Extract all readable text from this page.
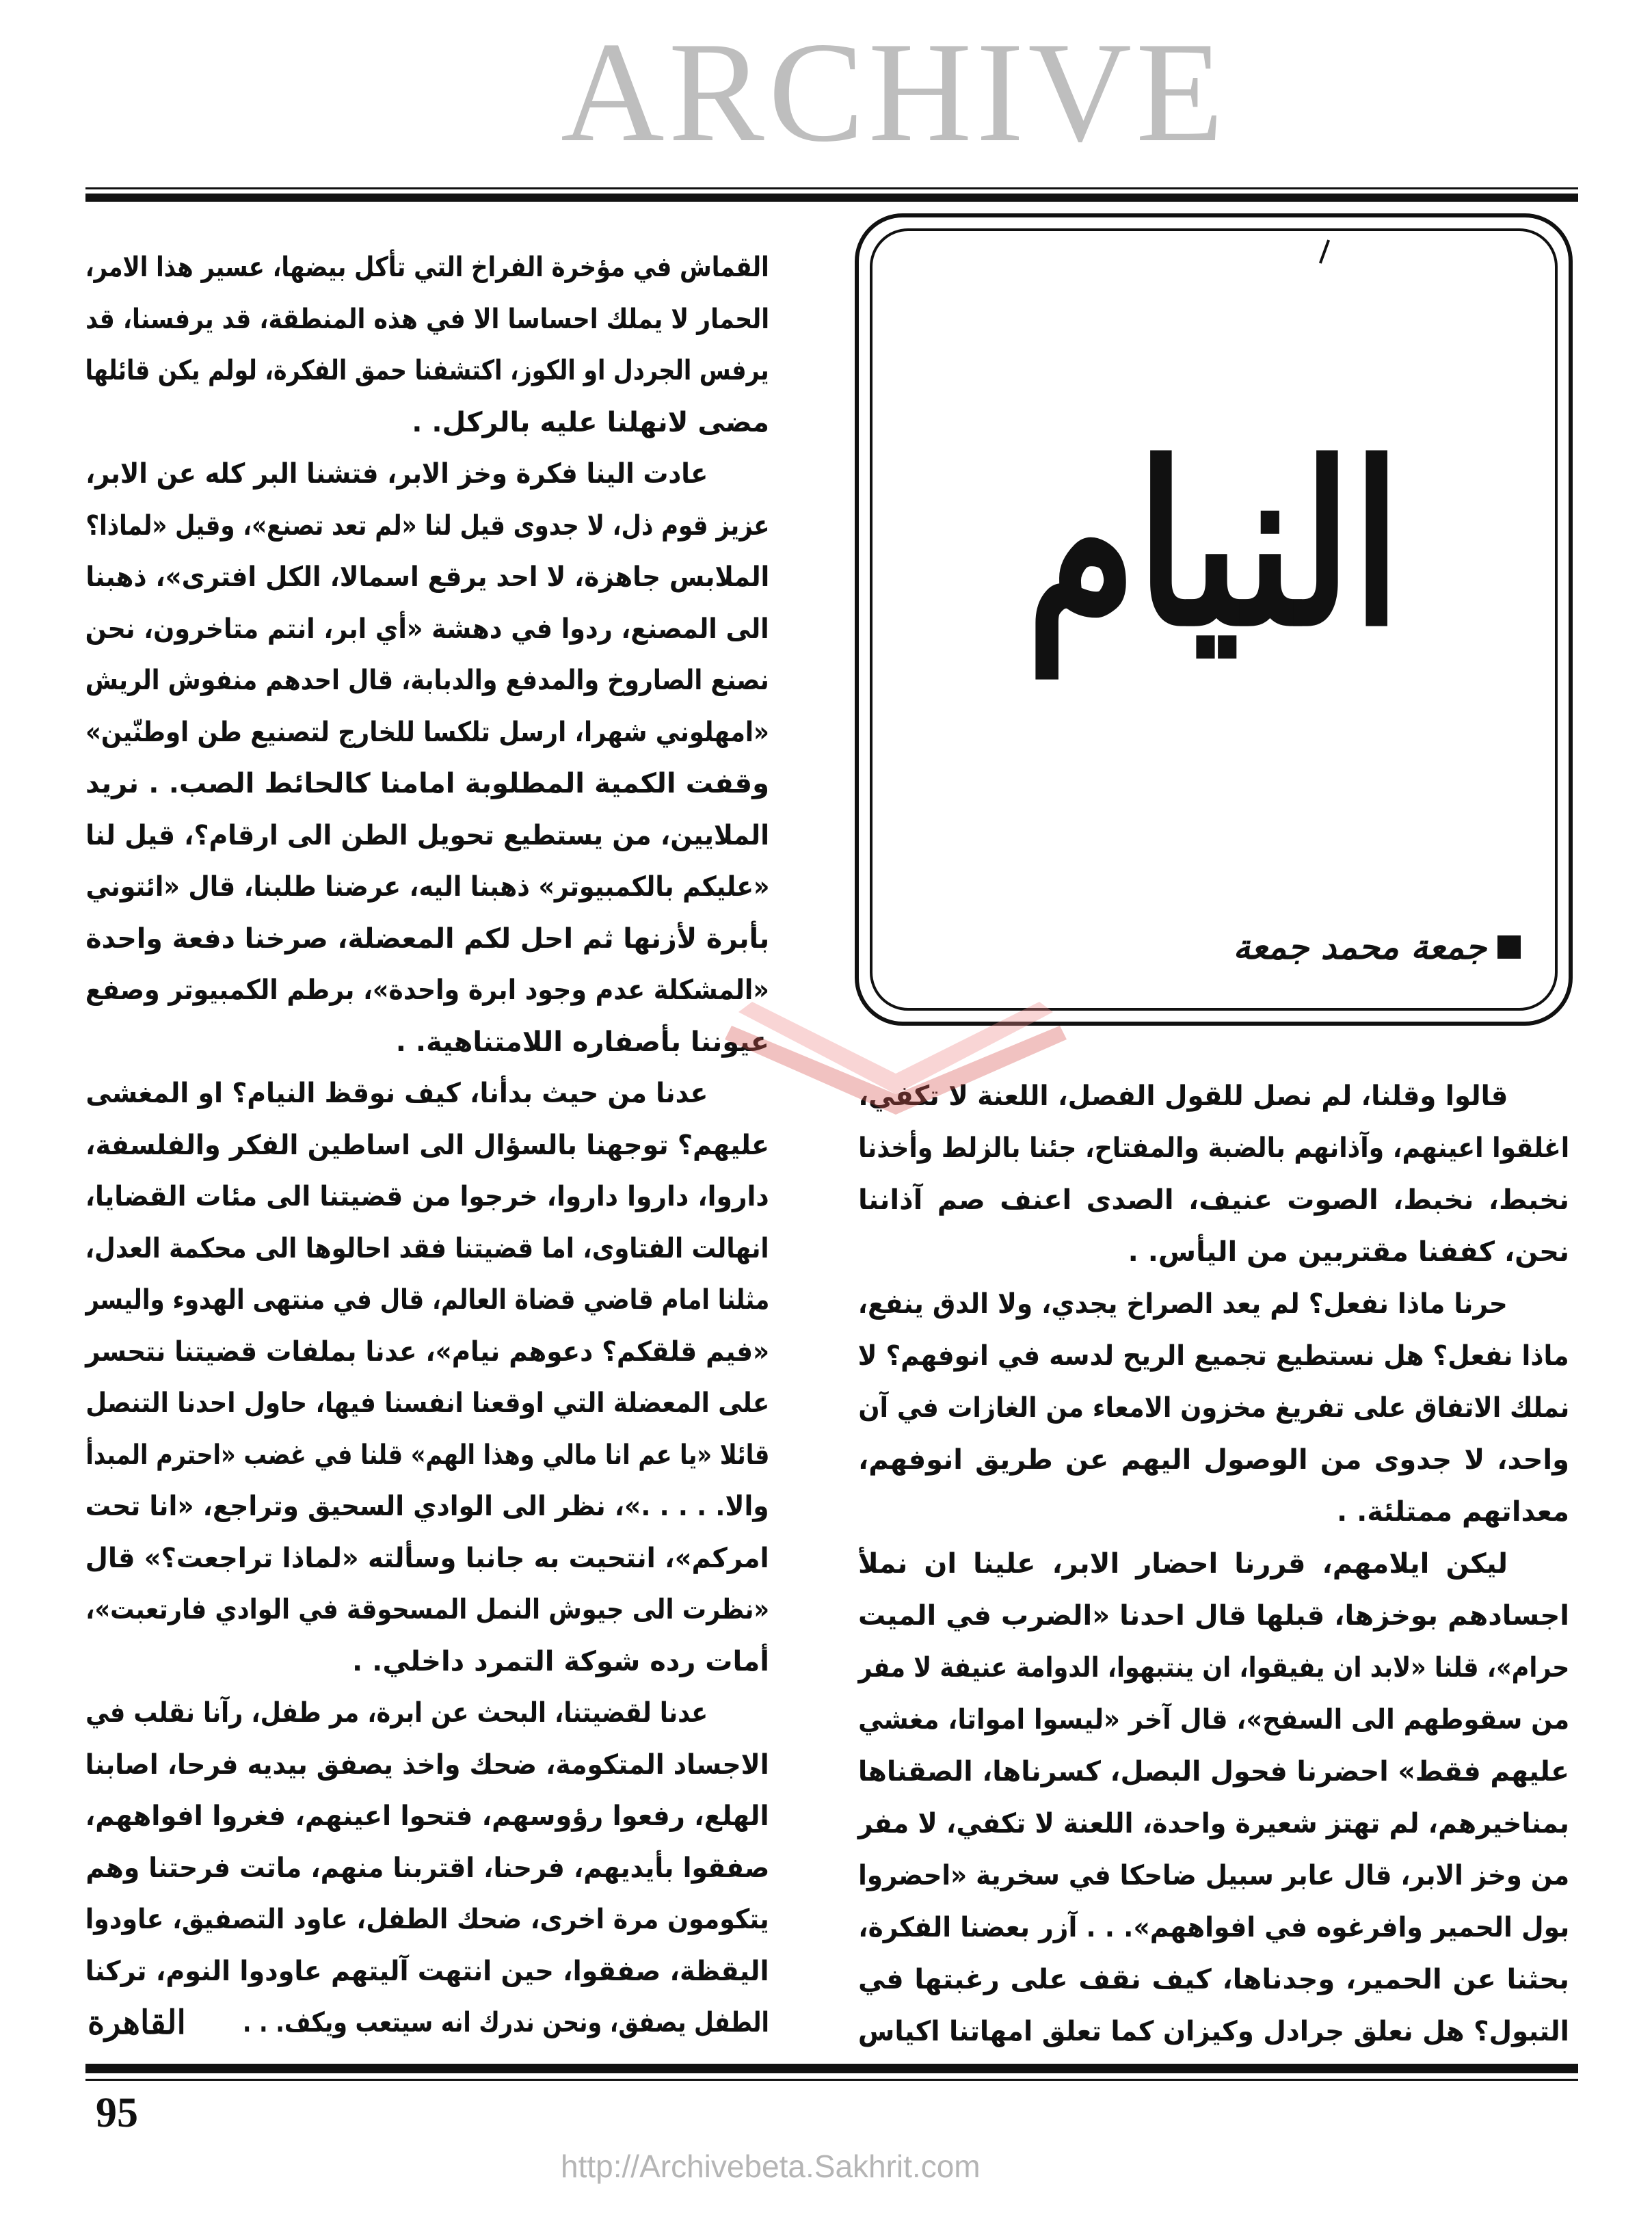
النيام
جمعة محمد جمعة
القماش في مؤخرة الفراخ التي تأكل بيضها، عسير هذا الامر،
الحمار لا يملك احساسا الا في هذه المنطقة، قد يرفسنا، قد
يرفس الجردل او الكوز، اكتشفنا حمق الفكرة، لولم يكن قائلها
مضى لانهلنا عليه بالركل. .
عادت الينا فكرة وخز الابر، فتشنا البر كله عن الابر،
عزيز قوم ذل، لا جدوى قيل لنا «لم تعد تصنع»، وقيل «لماذا؟
الملابس جاهزة، لا احد يرقع اسمالا، الكل افترى»، ذهبنا
الى المصنع، ردوا في دهشة «أي ابر، انتم متاخرون، نحن
نصنع الصاروخ والمدفع والدبابة، قال احدهم منفوش الريش
«امهلوني شهرا، ارسل تلكسا للخارج لتصنيع طن اوطنّين»
وقفت الكمية المطلوبة امامنا كالحائط الصب. . نريد
الملايين، من يستطيع تحويل الطن الى ارقام؟، قيل لنا
«عليكم بالكمبيوتر» ذهبنا اليه، عرضنا طلبنا، قال «ائتوني
بأبرة لأزنها ثم احل لكم المعضلة، صرخنا دفعة واحدة
«المشكلة عدم وجود ابرة واحدة»، برطم الكمبيوتر وصفع
عيوننا بأصفاره اللامتناهية. .
عدنا من حيث بدأنا، كيف نوقظ النيام؟ او المغشى
عليهم؟ توجهنا بالسؤال الى اساطين الفكر والفلسفة،
داروا، داروا داروا، خرجوا من قضيتنا الى مئات القضايا،
انهالت الفتاوى، اما قضيتنا فقد احالوها الى محكمة العدل،
مثلنا امام قاضي قضاة العالم، قال في منتهى الهدوء واليسر
«فيم قلقكم؟ دعوهم نيام»، عدنا بملفات قضيتنا نتحسر
على المعضلة التي اوقعنا انفسنا فيها، حاول احدنا التنصل
قائلا «يا عم انا مالي وهذا الهم» قلنا في غضب «احترم المبدأ
والا. . . . .»، نظر الى الوادي السحيق وتراجع، «انا تحت
امركم»، انتحيت به جانبا وسألته «لماذا تراجعت؟» قال
«نظرت الى جيوش النمل المسحوقة في الوادي فارتعبت»،
أمات رده شوكة التمرد داخلي. .
عدنا لقضيتنا، البحث عن ابرة، مر طفل، رآنا نقلب في
الاجساد المتكومة، ضحك واخذ يصفق بيديه فرحا، اصابنا
الهلع، رفعوا رؤوسهم، فتحوا اعينهم، فغروا افواههم،
صفقوا بأيديهم، فرحنا، اقتربنا منهم، ماتت فرحتنا وهم
يتكومون مرة اخرى، ضحك الطفل، عاود التصفيق، عاودوا
اليقظة، صفقوا، حين انتهت آليتهم عاودوا النوم، تركنا
الطفل يصفق، ونحن ندرك انه سيتعب ويكف. . .
قالوا وقلنا، لم نصل للقول الفصل، اللعنة لا تكفي،
اغلقوا اعينهم، وآذانهم بالضبة والمفتاح، جئنا بالزلط وأخذنا
نخبط، نخبط، الصوت عنيف، الصدى اعنف صم آذاننا
نحن، كففنا مقتربين من اليأس. .
حرنا ماذا نفعل؟ لم يعد الصراخ يجدي، ولا الدق ينفع،
ماذا نفعل؟ هل نستطيع تجميع الريح لدسه في انوفهم؟ لا
نملك الاتفاق على تفريغ مخزون الامعاء من الغازات في آن
واحد، لا جدوى من الوصول اليهم عن طريق انوفهم،
معداتهم ممتلئة. .
ليكن ايلامهم، قررنا احضار الابر، علينا ان نملأ
اجسادهم بوخزها، قبلها قال احدنا «الضرب في الميت
حرام»، قلنا «لابد ان يفيقوا، ان ينتبهوا، الدوامة عنيفة لا مفر
من سقوطهم الى السفح»، قال آخر «ليسوا امواتا، مغشي
عليهم فقط» احضرنا فحول البصل، كسرناها، الصقناها
بمناخيرهم، لم تهتز شعيرة واحدة، اللعنة لا تكفي، لا مفر
من وخز الابر، قال عابر سبيل ضاحكا في سخرية «احضروا
بول الحمير وافرغوه في افواههم». . . آزر بعضنا الفكرة،
بحثنا عن الحمير، وجدناها، كيف نقف على رغبتها في
التبول؟ هل نعلق جرادل وكيزان كما تعلق امهاتنا اكياس
ARCHIVE
http://Archivebeta.Sakhrit.com
القاهرة
95
